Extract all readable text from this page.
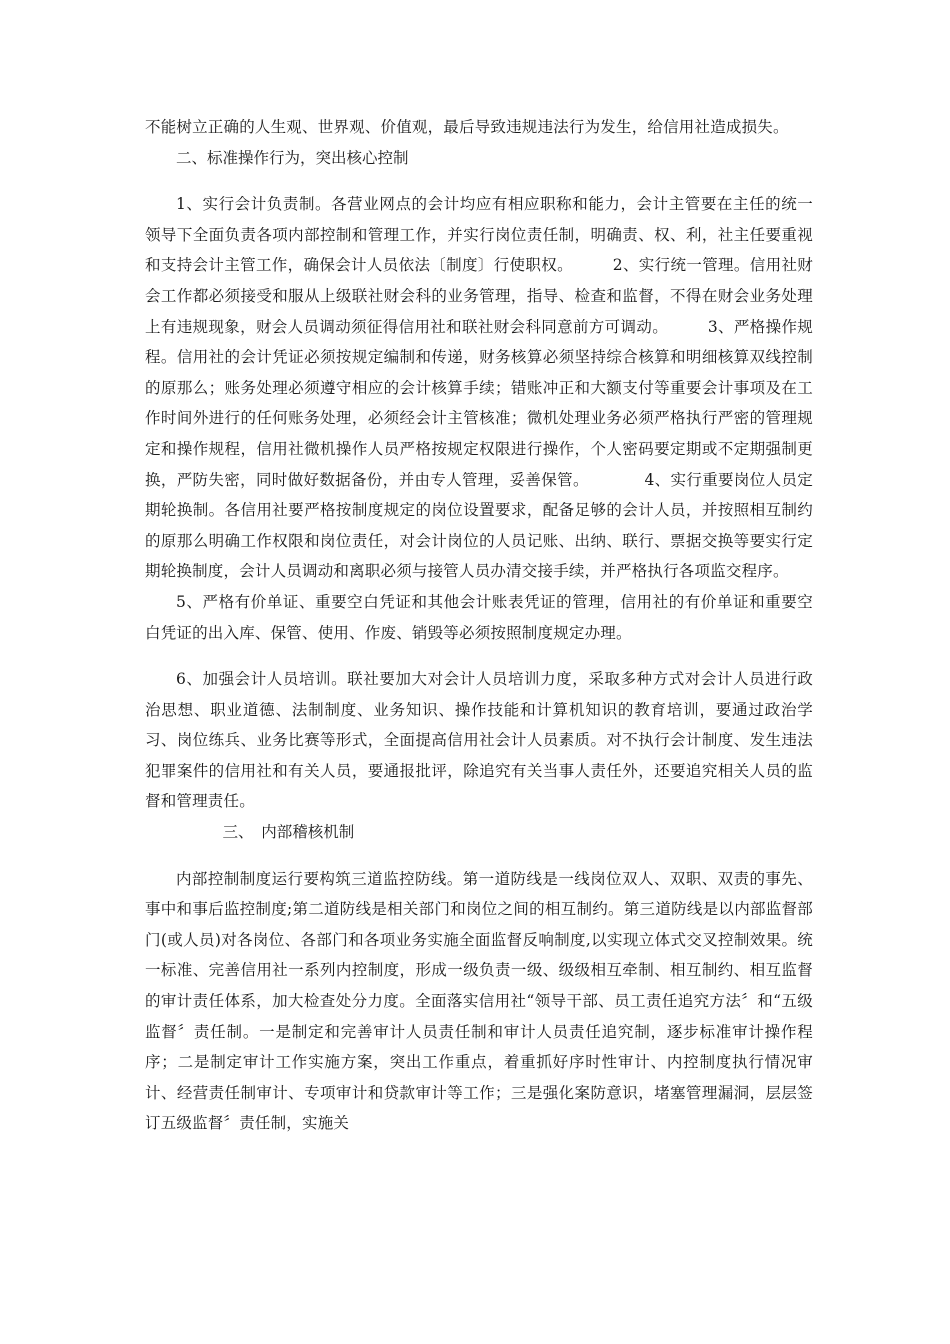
不能树立正确的人生观、世界观、价值观，最后导致违规违法行为发生，给信用社造成损失。

二、标准操作行为，突出核心控制

1、实行会计负责制。各营业网点的会计均应有相应职称和能力，会计主管要在主任的统一领导下全面负责各项内部控制和管理工作，并实行岗位责任制，明确责、权、利，社主任要重视和支持会计主管工作，确保会计人员依法〔制度〕行使职权。　　　2、实行统一管理。信用社财会工作都必须接受和服从上级联社财会科的业务管理，指导、检查和监督，不得在财会业务处理上有违规现象，财会人员调动须征得信用社和联社财会科同意前方可调动。　　　3、严格操作规程。信用社的会计凭证必须按规定编制和传递，财务核算必须坚持综合核算和明细核算双线控制的原那么；账务处理必须遵守相应的会计核算手续；错账冲正和大额支付等重要会计事项及在工作时间外进行的任何账务处理，必须经会计主管核准；微机处理业务必须严格执行严密的管理规定和操作规程，信用社微机操作人员严格按规定权限进行操作，个人密码要定期或不定期强制更换，严防失密，同时做好数据备份，并由专人管理，妥善保管。　　　　4、实行重要岗位人员定期轮换制。各信用社要严格按制度规定的岗位设置要求，配备足够的会计人员，并按照相互制约的原那么明确工作权限和岗位责任，对会计岗位的人员记账、出纳、联行、票据交换等要实行定期轮换制度，会计人员调动和离职必须与接管人员办清交接手续，并严格执行各项监交程序。

5、严格有价单证、重要空白凭证和其他会计账表凭证的管理，信用社的有价单证和重要空白凭证的出入库、保管、使用、作废、销毁等必须按照制度规定办理。

6、加强会计人员培训。联社要加大对会计人员培训力度，采取多种方式对会计人员进行政治思想、职业道德、法制制度、业务知识、操作技能和计算机知识的教育培训，要通过政治学习、岗位练兵、业务比赛等形式，全面提高信用社会计人员素质。对不执行会计制度、发生违法犯罪案件的信用社和有关人员，要通报批评，除追究有关当事人责任外，还要追究相关人员的监督和管理责任。

三、　内部稽核机制

内部控制制度运行要构筑三道监控防线。第一道防线是一线岗位双人、双职、双责的事先、事中和事后监控制度;第二道防线是相关部门和岗位之间的相互制约。第三道防线是以内部监督部门(或人员)对各岗位、各部门和各项业务实施全面监督反响制度,以实现立体式交叉控制效果。统一标准、完善信用社一系列内控制度，形成一级负责一级、级级相互牵制、相互制约、相互监督的审计责任体系，加大检查处分力度。全面落实信用社“领导干部、员工责任追究方法〞和“五级监督〞责任制。一是制定和完善审计人员责任制和审计人员责任追究制，逐步标准审计操作程序；二是制定审计工作实施方案，突出工作重点，着重抓好序时性审计、内控制度执行情况审计、经营责任制审计、专项审计和贷款审计等工作；三是强化案防意识，堵塞管理漏洞，层层签订五级监督〞责任制，实施关
